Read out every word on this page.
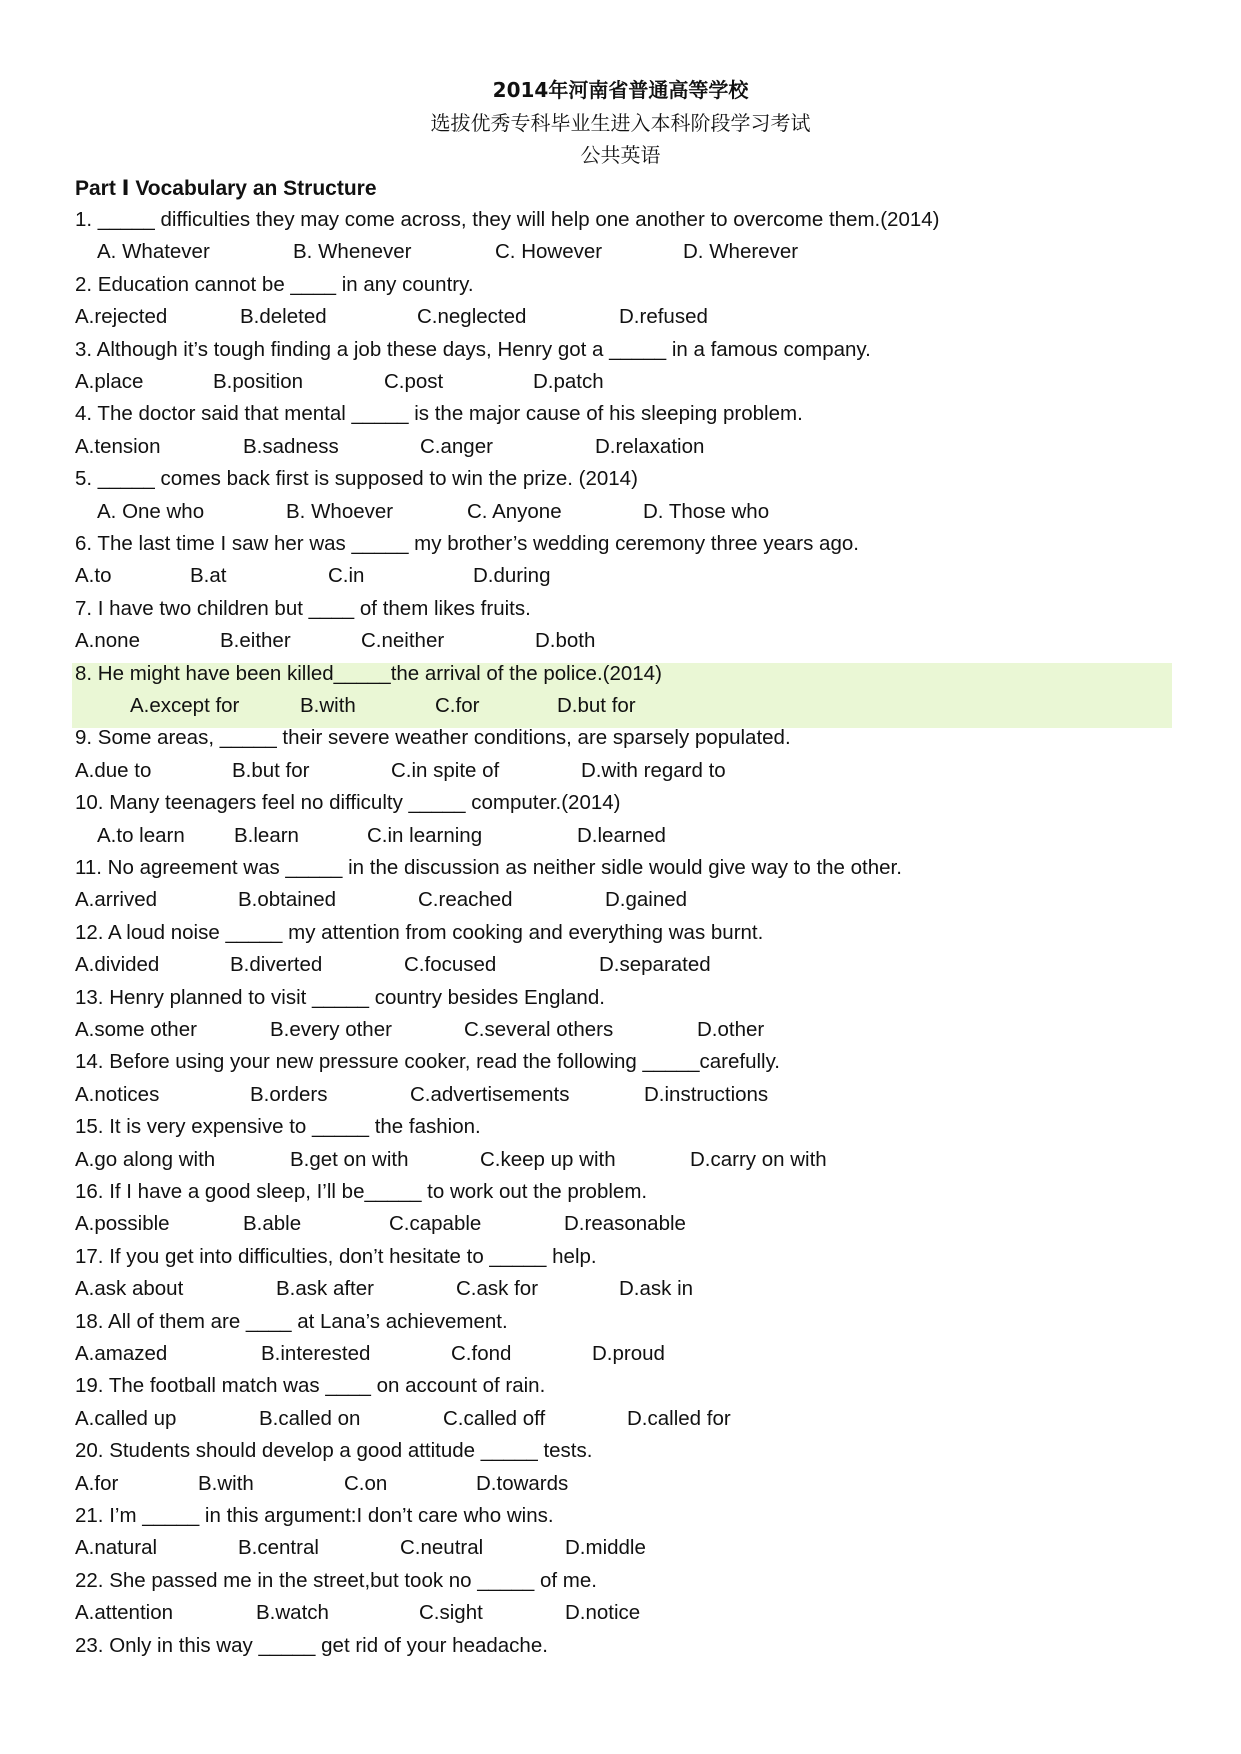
2014年河南省普通高等学校
选拔优秀专科毕业生进入本科阶段学习考试
公共英语
Part Ⅰ Vocabulary an Structure
1. _____ difficulties they may come across, they will help one another to overcome them.(2014)
A. Whatever	B. Whenever	C. However	D. Wherever
2. Education cannot be ____ in any country.
A.rejected	B.deleted	C.neglected	D.refused
3. Although it’s tough finding a job these days, Henry got a _____ in a famous company.
A.place	B.position	C.post	D.patch
4. The doctor said that mental _____ is the major cause of his sleeping problem.
A.tension	B.sadness	C.anger	D.relaxation
5. _____ comes back first is supposed to win the prize. (2014)
A. One who	B. Whoever	C. Anyone	D. Those who
6. The last time I saw her was _____ my brother’s wedding ceremony three years ago.
A.to	B.at	C.in	D.during
7. I have two children but ____ of them likes fruits.
A.none	B.either	C.neither	D.both
8. He might have been killed_____the arrival of the police.(2014)
A.except for	B.with	C.for	D.but for
9. Some areas, _____ their severe weather conditions, are sparsely populated.
A.due to	B.but for	C.in spite of	D.with regard to
10. Many teenagers feel no difficulty _____ computer.(2014)
A.to learn B.learn	C.in learning	D.learned
11. No agreement was _____ in the discussion as neither sidle would give way to the other.
A.arrived	B.obtained	C.reached	D.gained
12. A loud noise _____ my attention from cooking and everything was burnt.
A.divided	B.diverted	C.focused	D.separated
13. Henry planned to visit _____ country besides England.
A.some other	B.every other	C.several others	D.other
14. Before using your new pressure cooker, read the following _____carefully.
A.notices	B.orders	C.advertisements	D.instructions
15. It is very expensive to _____ the fashion.
A.go along with	B.get on with	C.keep up with	D.carry on with
16. If I have a good sleep, I’ll be_____ to work out the problem.
A.possible	B.able	C.capable	D.reasonable
17. If you get into difficulties, don’t hesitate to _____ help.
A.ask about	B.ask after	C.ask for	D.ask in
18. All of them are ____ at Lana’s achievement.
A.amazed	B.interested	C.fond	D.proud
19. The football match was ____ on account of rain.
A.called up	B.called on	C.called off	D.called for
20. Students should develop a good attitude _____ tests.
A.for	B.with	C.on	D.towards
21. I’m _____ in this argument:I don’t care who wins.
A.natural	B.central	C.neutral	D.middle
22. She passed me in the street,but took no _____ of me.
A.attention	B.watch	C.sight	D.notice
23. Only in this way _____ get rid of your headache.
